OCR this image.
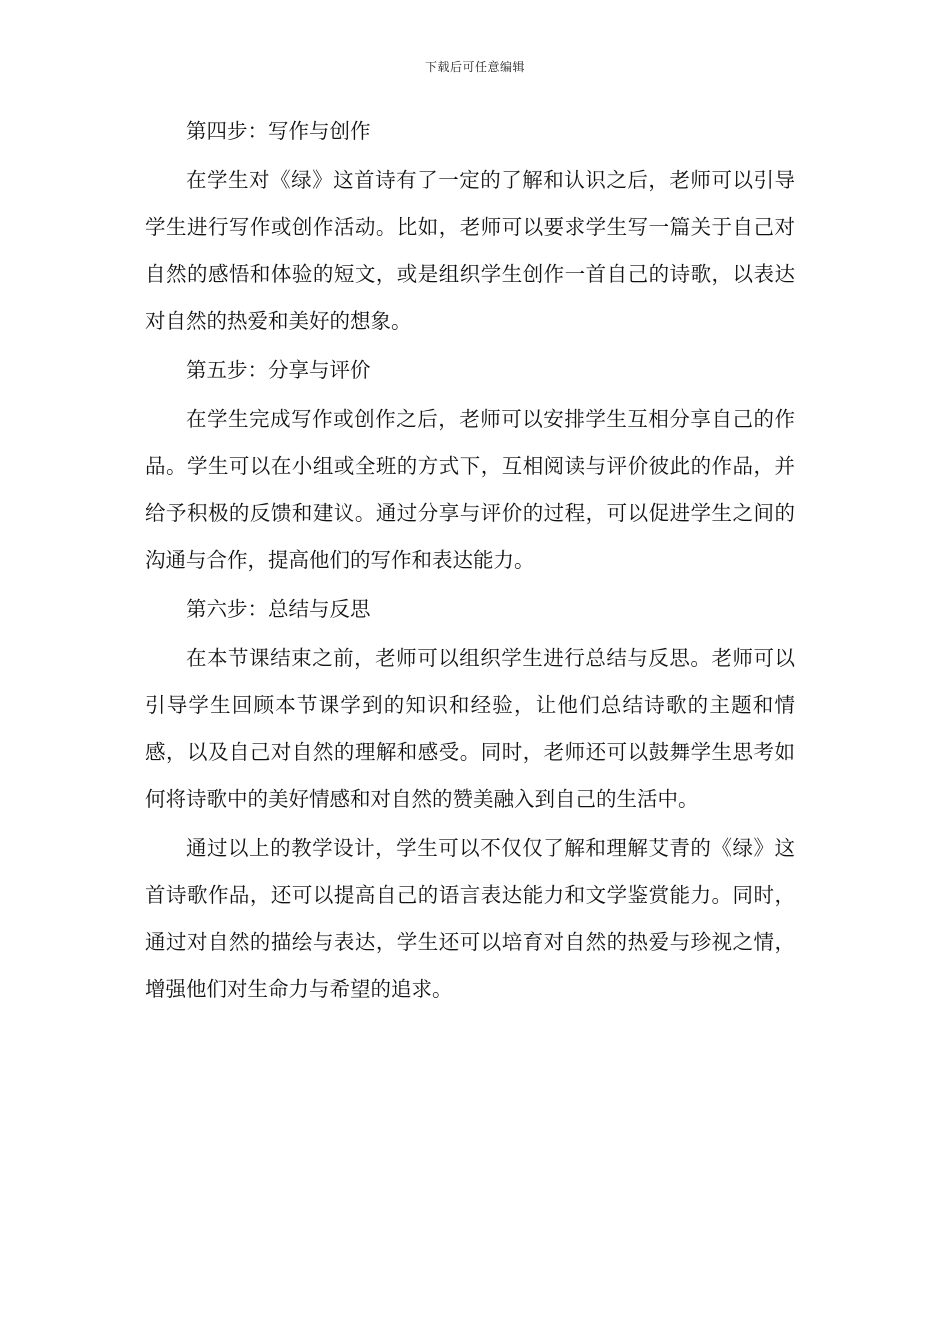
下载后可任意编辑

第四步：写作与创作

在学生对《绿》这首诗有了一定的了解和认识之后，老师可以引导学生进行写作或创作活动。比如，老师可以要求学生写一篇关于自己对自然的感悟和体验的短文，或是组织学生创作一首自己的诗歌，以表达对自然的热爱和美好的想象。

第五步：分享与评价

在学生完成写作或创作之后，老师可以安排学生互相分享自己的作品。学生可以在小组或全班的方式下，互相阅读与评价彼此的作品，并给予积极的反馈和建议。通过分享与评价的过程，可以促进学生之间的沟通与合作，提高他们的写作和表达能力。

第六步：总结与反思

在本节课结束之前，老师可以组织学生进行总结与反思。老师可以引导学生回顾本节课学到的知识和经验，让他们总结诗歌的主题和情感，以及自己对自然的理解和感受。同时，老师还可以鼓舞学生思考如何将诗歌中的美好情感和对自然的赞美融入到自己的生活中。

通过以上的教学设计，学生可以不仅仅了解和理解艾青的《绿》这首诗歌作品，还可以提高自己的语言表达能力和文学鉴赏能力。同时，通过对自然的描绘与表达，学生还可以培育对自然的热爱与珍视之情，增强他们对生命力与希望的追求。
